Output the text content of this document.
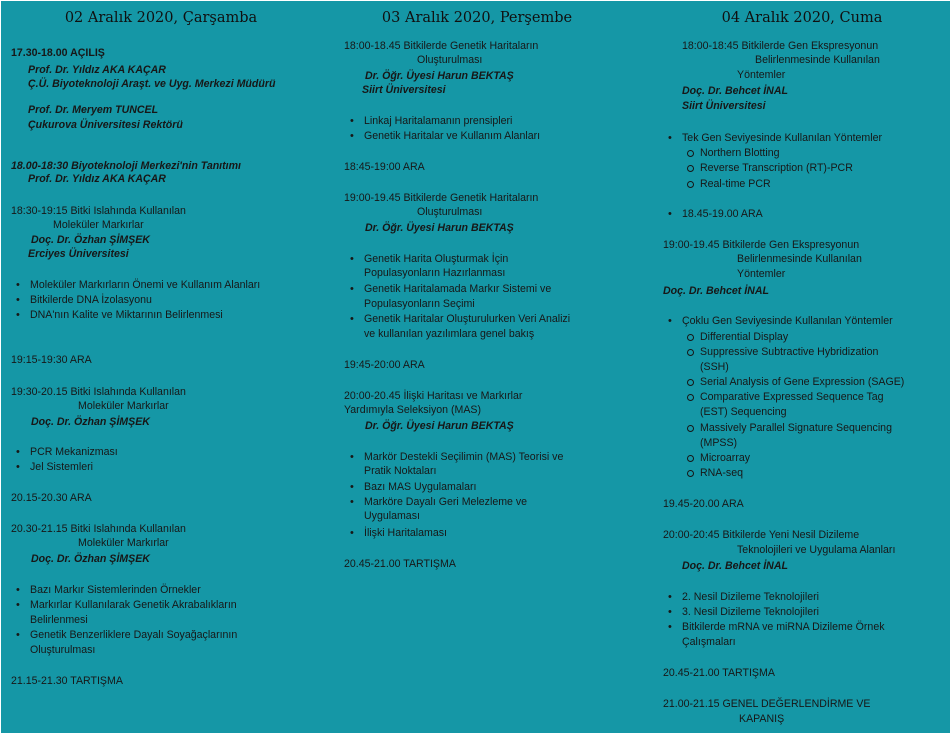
02 Aralık 2020, Çarşamba
17.30-18.00 AÇILIŞ
Prof. Dr. Yıldız AKA KAÇAR
Ç.Ü. Biyoteknoloji Araşt. ve Uyg. Merkezi Müdürü
Prof. Dr. Meryem TUNCEL
Çukurova Üniversitesi Rektörü
18.00-18:30 Biyoteknoloji Merkezi'nin Tanıtımı
Prof. Dr. Yıldız AKA KAÇAR
18:30-19:15 Bitki Islahında Kullanılan
Moleküler Markırlar
Doç. Dr. Özhan ŞİMŞEK
Erciyes Üniversitesi
• Moleküler Markırların Önemi ve Kullanım Alanları
• Bitkilerde DNA İzolasyonu
• DNA'nın Kalite ve Miktarının Belirlenmesi
19:15-19:30 ARA
19:30-20.15 Bitki Islahında Kullanılan
Moleküler Markırlar
Doç. Dr. Özhan ŞİMŞEK
• PCR Mekanizması
• Jel Sistemleri
20.15-20.30 ARA
20.30-21.15 Bitki Islahında Kullanılan
Moleküler Markırlar
Doç. Dr. Özhan ŞİMŞEK
• Bazı Markır Sistemlerinden Örnekler
• Markırlar Kullanılarak Genetik Akrabalıkların
Belirlenmesi
• Genetik Benzerliklere Dayalı Soyağaçlarının
Oluşturulması
21.15-21.30 TARTIŞMA
03 Aralık 2020, Perşembe
18:00-18.45 Bitkilerde Genetik Haritaların
Oluşturulması
Dr. Öğr. Üyesi Harun BEKTAŞ
Siirt Üniversitesi
• Linkaj Haritalamanın prensipleri
• Genetik Haritalar ve Kullanım Alanları
18:45-19:00 ARA
19:00-19.45 Bitkilerde Genetik Haritaların
Oluşturulması
Dr. Öğr. Üyesi Harun BEKTAŞ
• Genetik Harita Oluşturmak İçin
Populasyonların Hazırlanması
• Genetik Haritalamada Markır Sistemi ve
Populasyonların Seçimi
• Genetik Haritalar Oluşturulurken Veri Analizi
ve kullanılan yazılımlara genel bakış
19:45-20:00 ARA
20:00-20.45 İlişki Haritası ve Markırlar
Yardımıyla Seleksiyon (MAS)
Dr. Öğr. Üyesi Harun BEKTAŞ
• Markör Destekli Seçilimin (MAS) Teorisi ve
Pratik Noktaları
• Bazı MAS Uygulamaları
• Markörе Dayalı Geri Melezleme ve
Uygulaması
• İlişki Haritalaması
20.45-21.00 TARTIŞMA
04 Aralık 2020, Cuma
18:00-18:45 Bitkilerde Gen Ekspresyonun
Belirlenmesinde Kullanılan
Yöntemler
Doç. Dr. Behcet İNAL
Siirt Üniversitesi
• Tek Gen Seviyesinde Kullanılan Yöntemler
Northern Blotting
Reverse Transcription (RT)-PCR
Real-time PCR
• 18.45-19.00 ARA
19:00-19.45 Bitkilerde Gen Ekspresyonun
Belirlenmesinde Kullanılan
Yöntemler
Doç. Dr. Behcet İNAL
• Çoklu Gen Seviyesinde Kullanılan Yöntemler
Differential Display
Suppressive Subtractive Hybridization
(SSH)
Serial Analysis of Gene Expression (SAGE)
Comparative Expressed Sequence Tag
(EST) Sequencing
Massively Parallel Signature Sequencing
(MPSS)
Microarray
RNA-seq
19.45-20.00 ARA
20:00-20:45 Bitkilerde Yeni Nesil Dizileme
Teknolojileri ve Uygulama Alanları
Doç. Dr. Behcet İNAL
• 2. Nesil Dizileme Teknolojileri
• 3. Nesil Dizileme Teknolojileri
• Bitkilerde mRNA ve miRNA Dizileme Örnek
Çalışmaları
20.45-21.00 TARTIŞMA
21.00-21.15 GENEL DEĞERLENDİRME VE
KAPANIŞ
